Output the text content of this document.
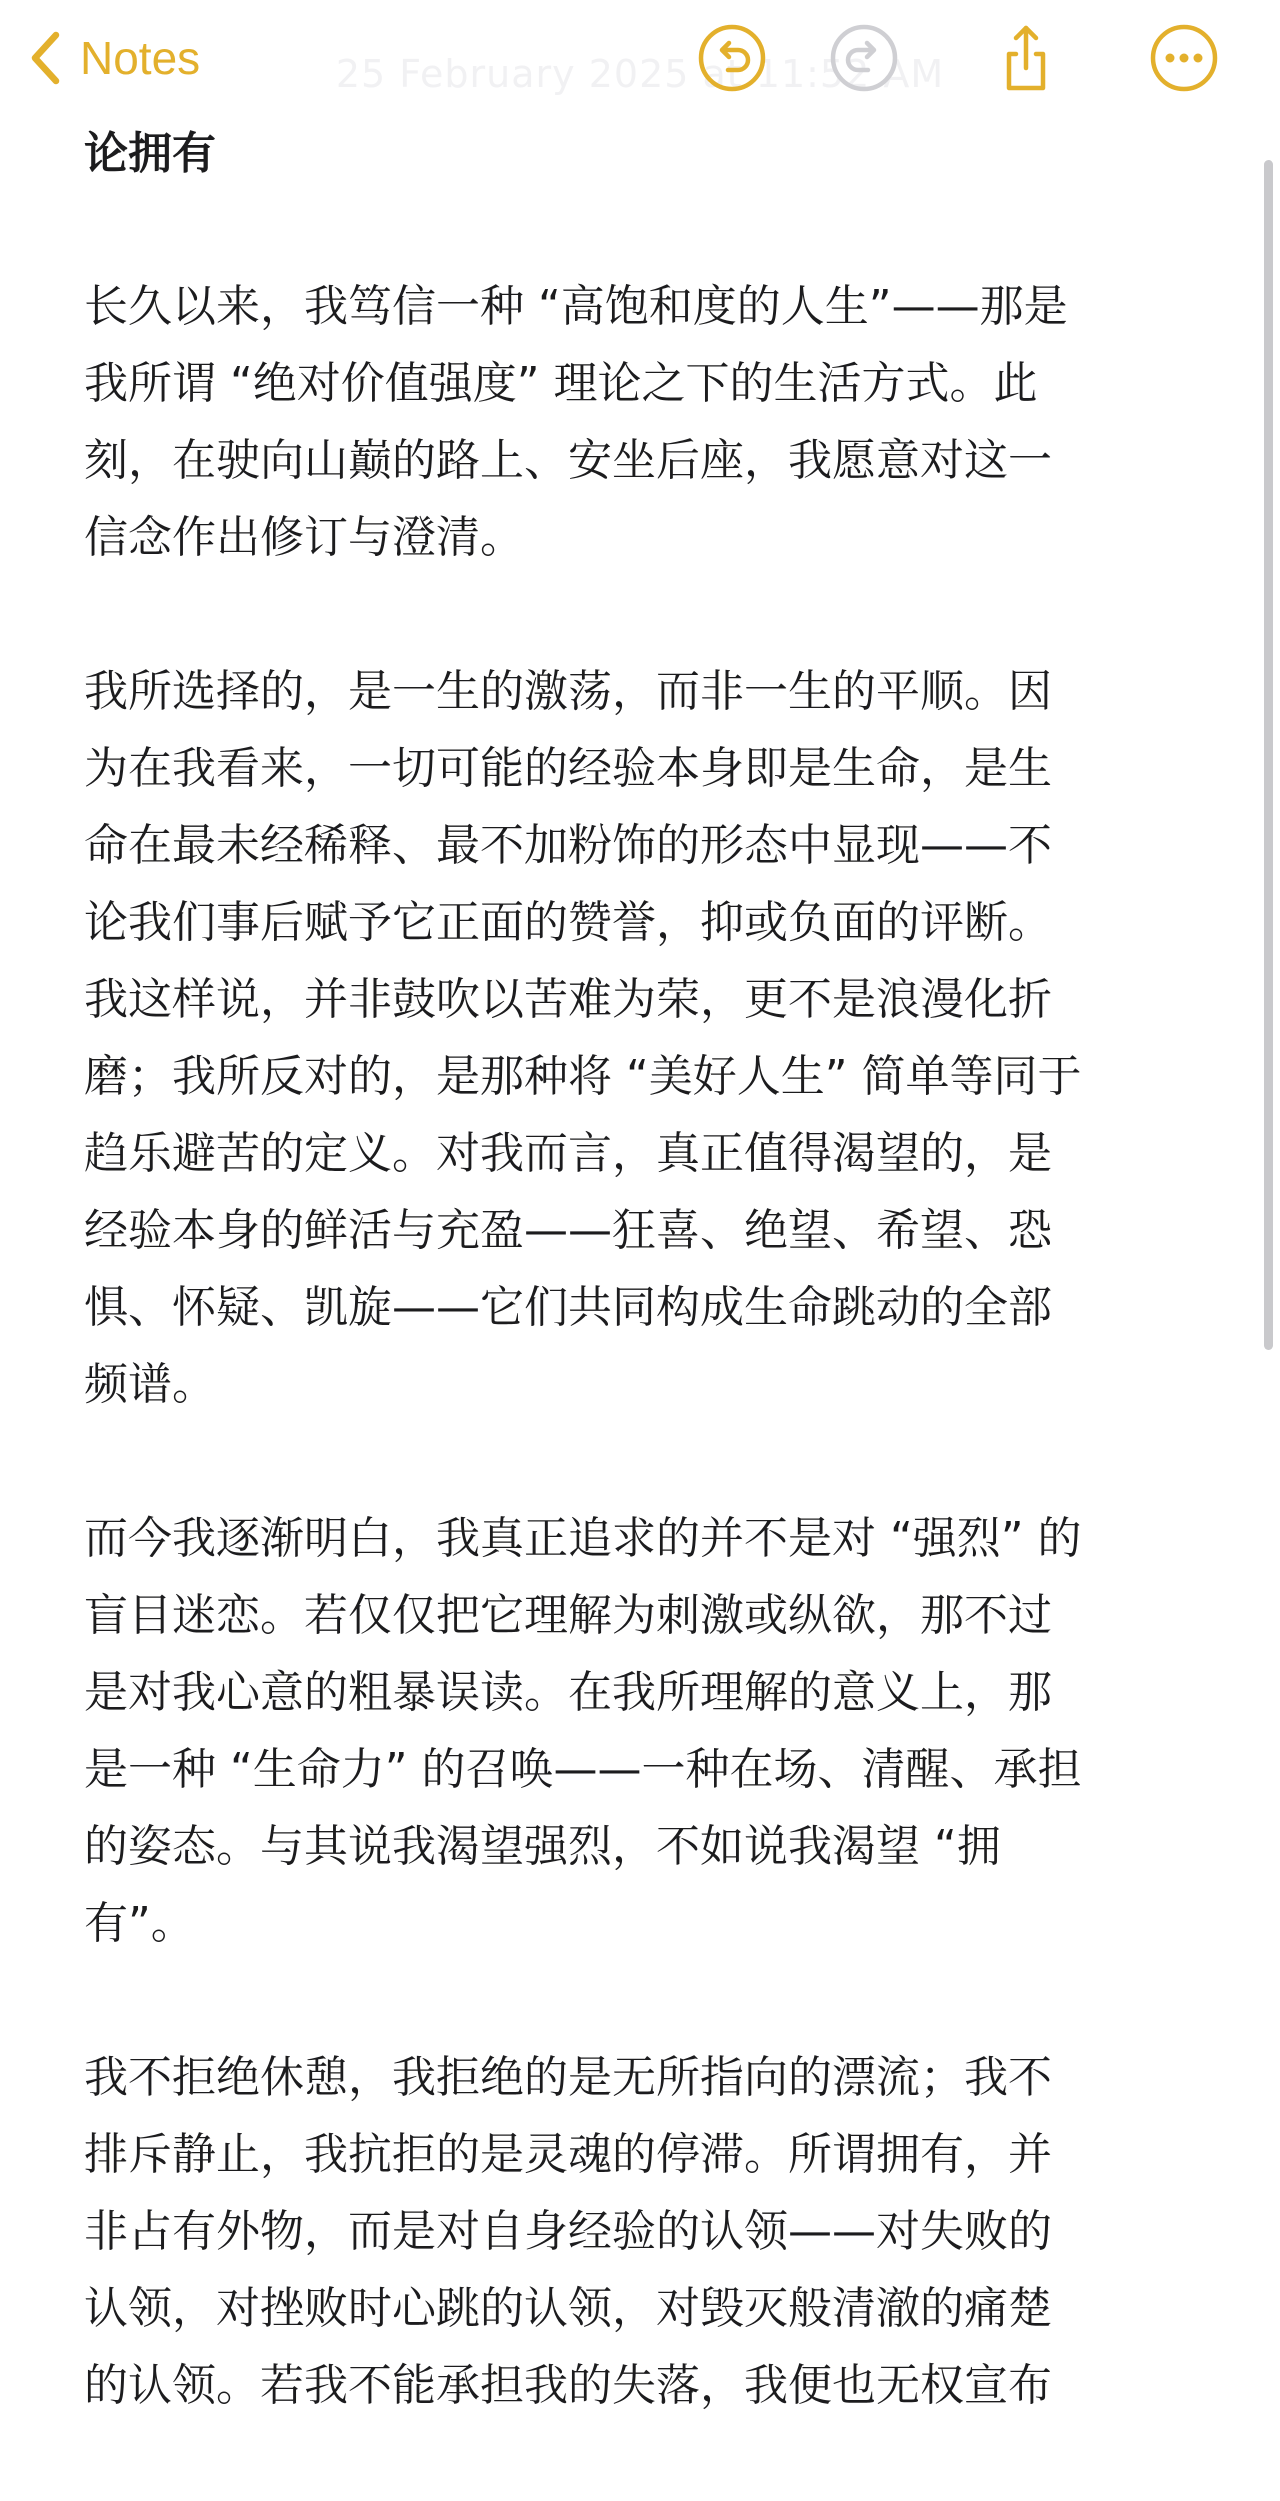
25 February 2025 at 11:52 AM
Notes
论拥有
长久以来，我笃信一种 “高饱和度的人生”——那是
我所谓 “绝对价值强度” 理论之下的生活方式。此
刻，在驶向山巅的路上、安坐后座，我愿意对这一
信念作出修订与澄清。
我所选择的，是一生的激荡，而非一生的平顺。因
为在我看来，一切可能的经验本身即是生命，是生
命在最未经稀释、最不加粉饰的形态中显现——不
论我们事后赋予它正面的赞誉，抑或负面的评断。
我这样说，并非鼓吹以苦难为荣，更不是浪漫化折
磨；我所反对的，是那种将 “美好人生” 简单等同于
趋乐避苦的定义。对我而言，真正值得渴望的，是
经验本身的鲜活与充盈——狂喜、绝望、希望、恐
惧、怀疑、凯旋——它们共同构成生命跳动的全部
频谱。
而今我逐渐明白，我真正追求的并不是对 “强烈” 的
盲目迷恋。若仅仅把它理解为刺激或纵欲，那不过
是对我心意的粗暴误读。在我所理解的意义上，那
是一种 “生命力” 的召唤——一种在场、清醒、承担
的姿态。与其说我渴望强烈，不如说我渴望 “拥
有”。
我不拒绝休憩，我拒绝的是无所指向的漂流；我不
排斥静止，我抗拒的是灵魂的停滞。所谓拥有，并
非占有外物，而是对自身经验的认领——对失败的
认领，对挫败时心跳的认领，对毁灭般清澈的痛楚
的认领。若我不能承担我的失落，我便也无权宣布
